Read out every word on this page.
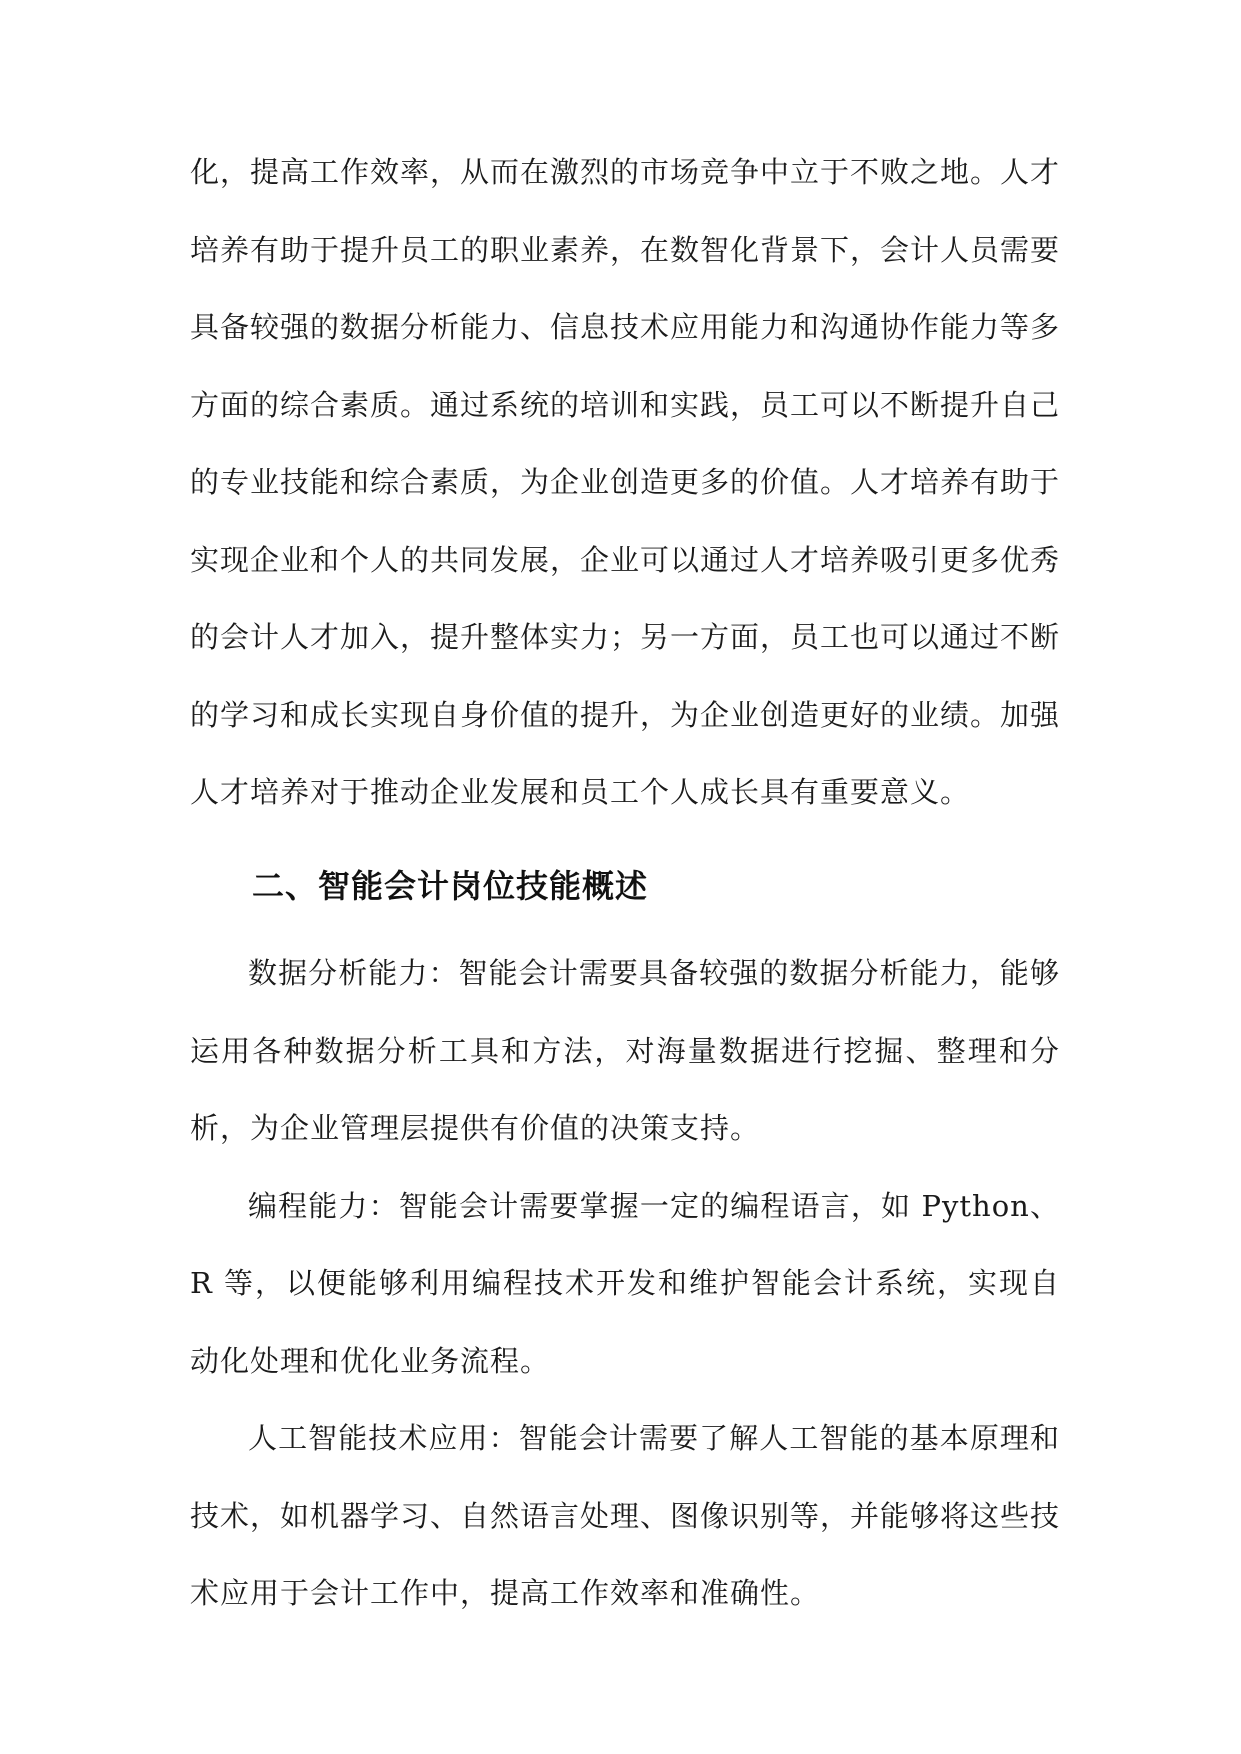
化，提高工作效率，从而在激烈的市场竞争中立于不败之地。人才培养有助于提升员工的职业素养，在数智化背景下，会计人员需要具备较强的数据分析能力、信息技术应用能力和沟通协作能力等多方面的综合素质。通过系统的培训和实践，员工可以不断提升自己的专业技能和综合素质，为企业创造更多的价值。人才培养有助于实现企业和个人的共同发展，企业可以通过人才培养吸引更多优秀的会计人才加入，提升整体实力；另一方面，员工也可以通过不断的学习和成长实现自身价值的提升，为企业创造更好的业绩。加强人才培养对于推动企业发展和员工个人成长具有重要意义。

二、智能会计岗位技能概述

数据分析能力：智能会计需要具备较强的数据分析能力，能够运用各种数据分析工具和方法，对海量数据进行挖掘、整理和分析，为企业管理层提供有价值的决策支持。

编程能力：智能会计需要掌握一定的编程语言，如 Python、R 等，以便能够利用编程技术开发和维护智能会计系统，实现自动化处理和优化业务流程。

人工智能技术应用：智能会计需要了解人工智能的基本原理和技术，如机器学习、自然语言处理、图像识别等，并能够将这些技术应用于会计工作中，提高工作效率和准确性。
